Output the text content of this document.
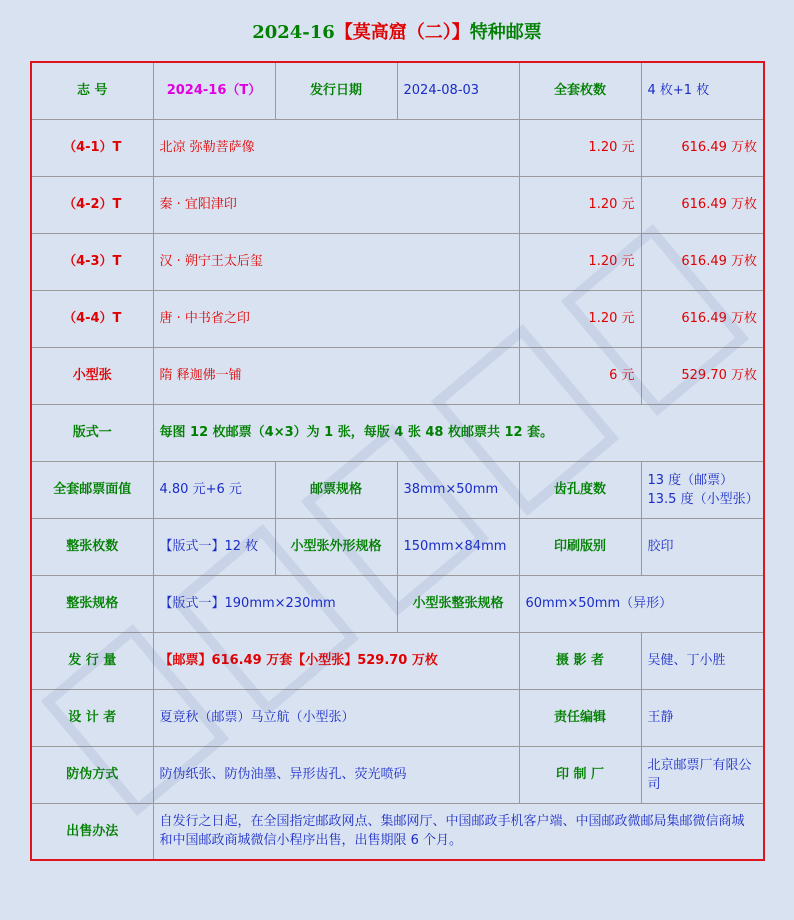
2024-16【莫高窟（二）】特种邮票
志 号	2024-16（T）	发行日期	2024-08-03	全套枚数	4 枚+1 枚
（4-1）T	北凉 弥勒菩萨像			1.20 元	616.49 万枚
（4-2）T	秦 · 宜阳津印			1.20 元	616.49 万枚
（4-3）T	汉 · 朔宁王太后玺			1.20 元	616.49 万枚
（4-4）T	唐 · 中书省之印			1.20 元	616.49 万枚
小型张	隋 释迦佛一铺			6 元	529.70 万枚
版式一	每图 12 枚邮票（4×3）为 1 张，每版 4 张 48 枚邮票共 12 套。				
全套邮票面值	4.80 元+6 元	邮票规格	38mm×50mm	齿孔度数	13 度（邮票）13.5 度（小型张）
整张枚数	【版式一】12 枚	小型张外形规格	150mm×84mm	印刷版别	胶印
整张规格	【版式一】190mm×230mm		小型张整张规格	60mm×50mm（异形）	
发 行 量	【邮票】616.49 万套【小型张】529.70 万枚			摄 影 者	吴健、丁小胜
设 计 者	夏竟秋（邮票）马立航（小型张）			责任编辑	王静
防伪方式	防伪纸张、防伪油墨、异形齿孔、荧光喷码			印 制 厂	北京邮票厂有限公司
出售办法	自发行之日起，在全国指定邮政网点、集邮网厅、中国邮政手机客户端、中国邮政微邮局集邮微信商城和中国邮政商城微信小程序出售，出售期限 6 个月。				
